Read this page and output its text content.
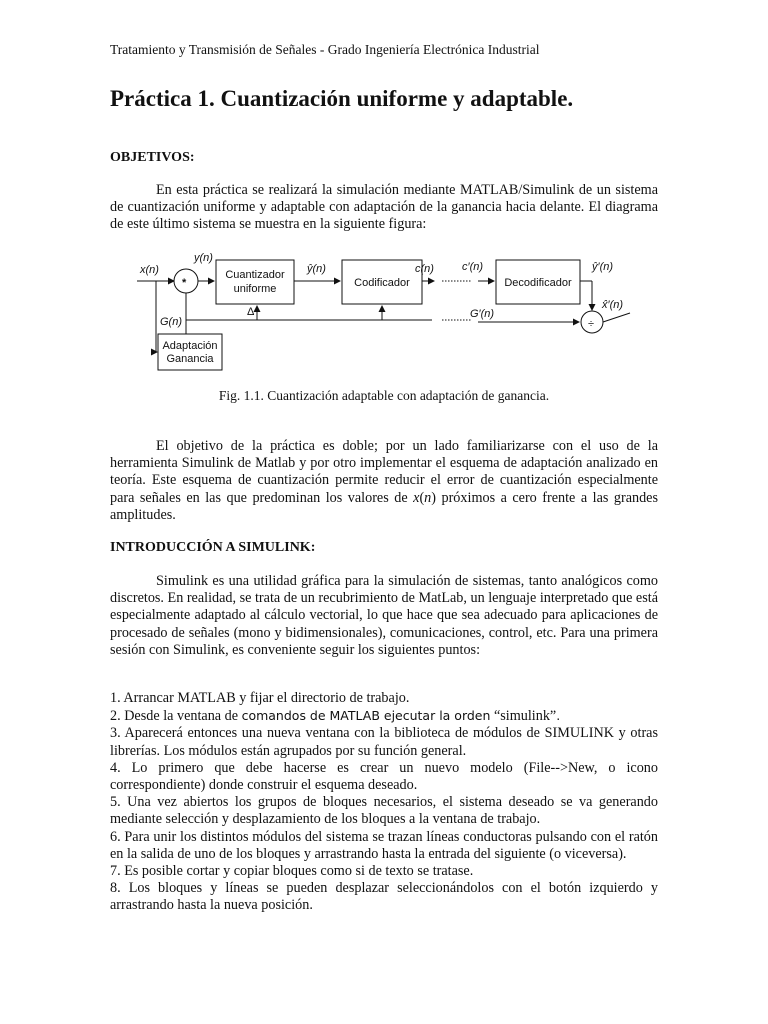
Tratamiento y Transmisión de Señales - Grado Ingeniería Electrónica Industrial
Práctica 1. Cuantización uniforme y adaptable.
OBJETIVOS:

En esta práctica se realizará la simulación mediante MATLAB/Simulink de un sistema de cuantización uniforme y adaptable con adaptación de la ganancia hacia delante. El diagrama de este último sistema se muestra en la siguiente figura:

x(n)
*
y(n)
Cuantizador
uniforme
ŷ(n)
Codificador
c(n)	c′(n)
Decodificador
ŷ′(n)
÷
x̂′(n)
G(n)
Adaptación
Ganancia
Δ	G′(n)
Fig. 1.1. Cuantización adaptable con adaptación de ganancia.

El objetivo de la práctica es doble; por un lado familiarizarse con el uso de la herramienta Simulink de Matlab y por otro implementar el esquema de adaptación analizado en teoría. Este esquema de cuantización permite reducir el error de cuantización especialmente para señales en las que predominan los valores de x(n) próximos a cero frente a las grandes amplitudes.

INTRODUCCIÓN A SIMULINK:

Simulink es una utilidad gráfica para la simulación de sistemas, tanto analógicos como discretos. En realidad, se trata de un recubrimiento de MatLab, un lenguaje interpretado que está especialmente adaptado al cálculo vectorial, lo que hace que sea adecuado para aplicaciones de procesado de señales (mono y bidimensionales), comunicaciones, control, etc. Para una primera sesión con Simulink, es conveniente seguir los siguientes puntos:

1. Arrancar MATLAB y fijar el directorio de trabajo.
2. Desde la ventana de comandos de MATLAB ejecutar la orden “simulink”.
3. Aparecerá entonces una nueva ventana con la biblioteca de módulos de SIMULINK y otras librerías. Los módulos están agrupados por su función general.
4. Lo primero que debe hacerse es crear un nuevo modelo (File-->New, o icono correspondiente) donde construir el esquema deseado.
5. Una vez abiertos los grupos de bloques necesarios, el sistema deseado se va generando mediante selección y desplazamiento de los bloques a la ventana de trabajo.
6. Para unir los distintos módulos del sistema se trazan líneas conductoras pulsando con el ratón en la salida de uno de los bloques y arrastrando hasta la entrada del siguiente (o viceversa).
7. Es posible cortar y copiar bloques como si de texto se tratase.
8. Los bloques y líneas se pueden desplazar seleccionándolos con el botón izquierdo y arrastrando hasta la nueva posición.
